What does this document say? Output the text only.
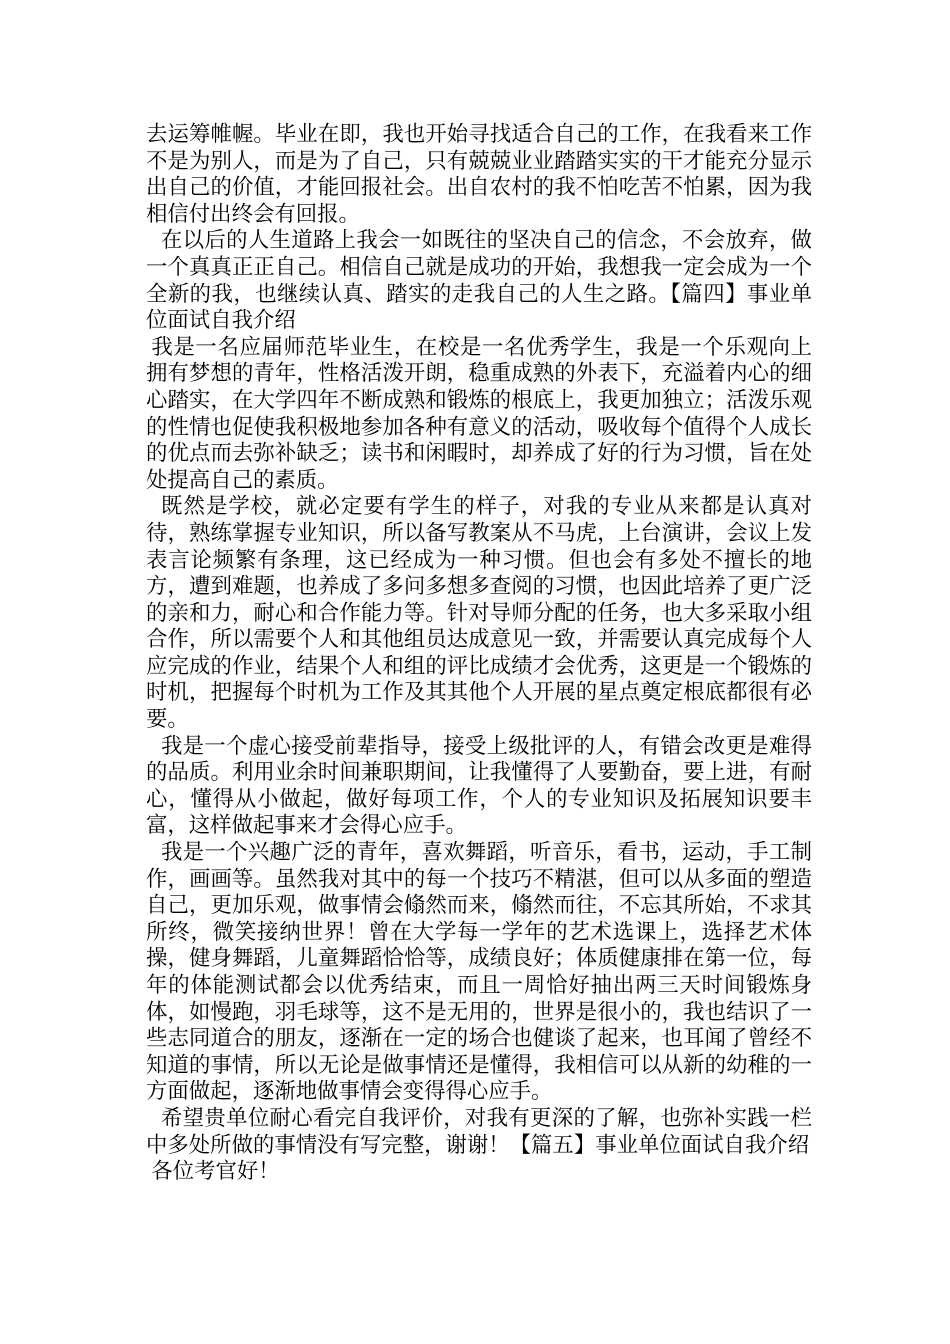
去运筹帷幄。毕业在即，我也开始寻找适合自己的工作，在我看来工作不是为别人，而是为了自己，只有兢兢业业踏踏实实的干才能充分显示出自己的价值，才能回报社会。出自农村的我不怕吃苦不怕累，因为我相信付出终会有回报。

在以后的人生道路上我会一如既往的坚决自己的信念，不会放弃，做一个真真正正自己。相信自己就是成功的开始，我想我一定会成为一个全新的我，也继续认真、踏实的走我自己的人生之路。【篇四】事业单位面试自我介绍

我是一名应届师范毕业生，在校是一名优秀学生，我是一个乐观向上拥有梦想的青年，性格活泼开朗，稳重成熟的外表下，充溢着内心的细心踏实，在大学四年不断成熟和锻炼的根底上，我更加独立；活泼乐观的性情也促使我积极地参加各种有意义的活动，吸收每个值得个人成长的优点而去弥补缺乏；读书和闲暇时，却养成了好的行为习惯，旨在处处提高自己的素质。

既然是学校，就必定要有学生的样子，对我的专业从来都是认真对待，熟练掌握专业知识，所以备写教案从不马虎，上台演讲，会议上发表言论频繁有条理，这已经成为一种习惯。但也会有多处不擅长的地方，遭到难题，也养成了多问多想多查阅的习惯，也因此培养了更广泛的亲和力，耐心和合作能力等。针对导师分配的任务，也大多采取小组合作，所以需要个人和其他组员达成意见一致，并需要认真完成每个人应完成的作业，结果个人和组的评比成绩才会优秀，这更是一个锻炼的时机，把握每个时机为工作及其其他个人开展的星点奠定根底都很有必要。

我是一个虚心接受前辈指导，接受上级批评的人，有错会改更是难得的品质。利用业余时间兼职期间，让我懂得了人要勤奋，要上进，有耐心，懂得从小做起，做好每项工作，个人的专业知识及拓展知识要丰富，这样做起事来才会得心应手。

我是一个兴趣广泛的青年，喜欢舞蹈，听音乐，看书，运动，手工制作，画画等。虽然我对其中的每一个技巧不精湛，但可以从多面的塑造自己，更加乐观，做事情会翛然而来，翛然而往，不忘其所始，不求其所终，微笑接纳世界！曾在大学每一学年的艺术选课上，选择艺术体操，健身舞蹈，儿童舞蹈恰恰等，成绩良好；体质健康排在第一位，每年的体能测试都会以优秀结束，而且一周恰好抽出两三天时间锻炼身体，如慢跑，羽毛球等，这不是无用的，世界是很小的，我也结识了一些志同道合的朋友，逐渐在一定的场合也健谈了起来，也耳闻了曾经不知道的事情，所以无论是做事情还是懂得，我相信可以从新的幼稚的一方面做起，逐渐地做事情会变得得心应手。

希望贵单位耐心看完自我评价，对我有更深的了解，也弥补实践一栏中多处所做的事情没有写完整，谢谢！【篇五】事业单位面试自我介绍

各位考官好！
